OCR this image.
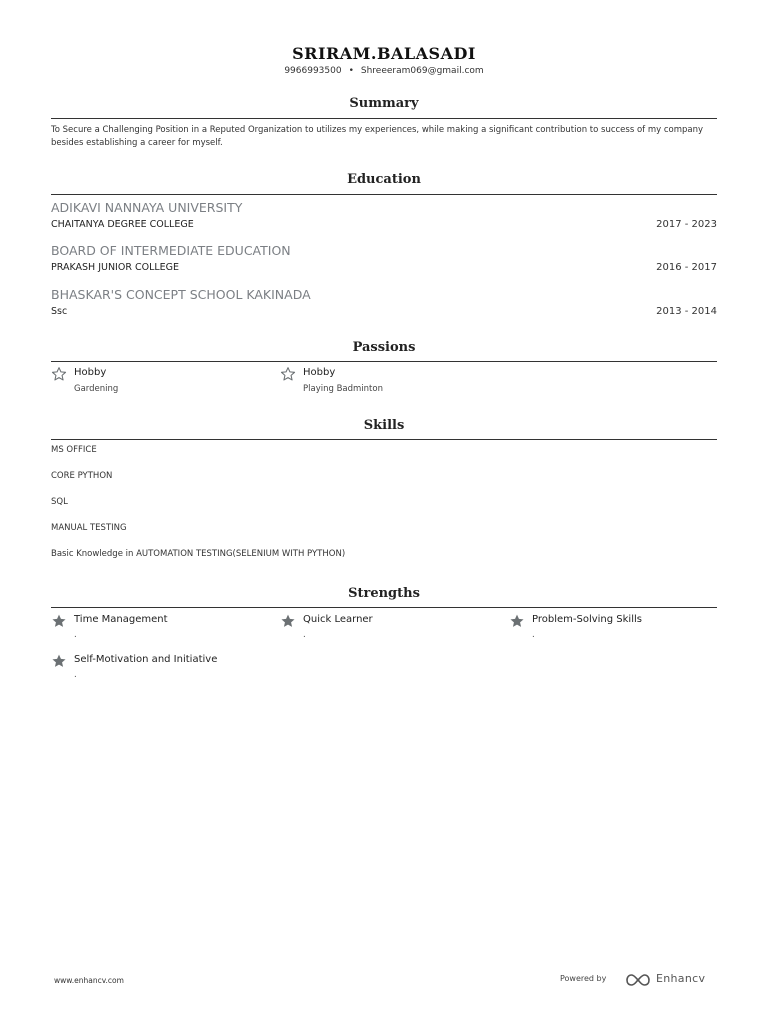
SRIRAM.BALASADI
9966993500 • Shreeeram069@gmail.com
Summary
To Secure a Challenging Position in a Reputed Organization to utilizes my experiences, while making a significant contribution to success of my company besides establishing a career for myself.
Education
ADIKAVI NANNAYA UNIVERSITY
CHAITANYA DEGREE COLLEGE	2017 - 2023
BOARD OF INTERMEDIATE EDUCATION
PRAKASH JUNIOR COLLEGE	2016 - 2017
BHASKAR'S CONCEPT SCHOOL KAKINADA
Ssc	2013 - 2014
Passions
Hobby
Gardening
Hobby
Playing Badminton
Skills
MS OFFICE
CORE PYTHON
SQL
MANUAL TESTING
Basic Knowledge in AUTOMATION TESTING(SELENIUM WITH PYTHON)
Strengths
Time Management
.
Quick Learner
.
Problem-Solving Skills
.
Self-Motivation and Initiative
.
www.enhancv.com	Powered by	Enhancv
